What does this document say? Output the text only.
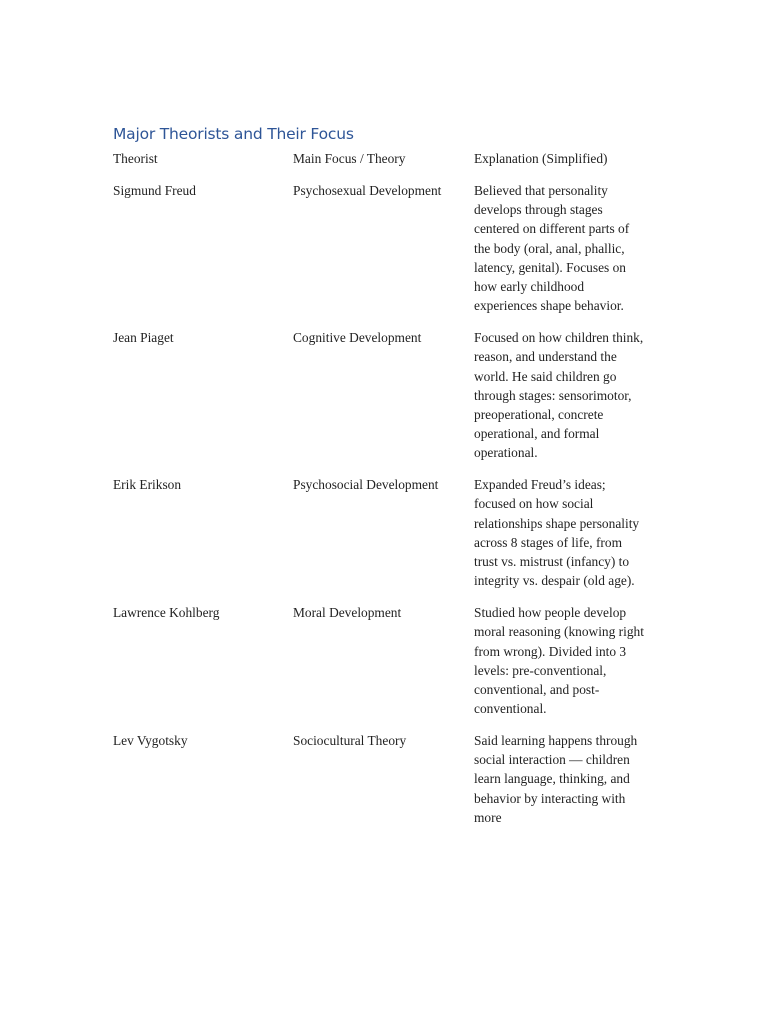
Major Theorists and Their Focus
Theorist	Main Focus / Theory	Explanation (Simplified)
Sigmund Freud	Psychosexual Development	Believed that personality develops through stages centered on different parts of the body (oral, anal, phallic, latency, genital). Focuses on how early childhood experiences shape behavior.
Jean Piaget	Cognitive Development	Focused on how children think, reason, and understand the world. He said children go through stages: sensorimotor, preoperational, concrete operational, and formal operational.
Erik Erikson	Psychosocial Development	Expanded Freud’s ideas; focused on how social relationships shape personality across 8 stages of life, from trust vs. mistrust (infancy) to integrity vs. despair (old age).
Lawrence Kohlberg	Moral Development	Studied how people develop moral reasoning (knowing right from wrong). Divided into 3 levels: pre-conventional, conventional, and post-conventional.
Lev Vygotsky	Sociocultural Theory	Said learning happens through social interaction — children learn language, thinking, and behavior by interacting with more
